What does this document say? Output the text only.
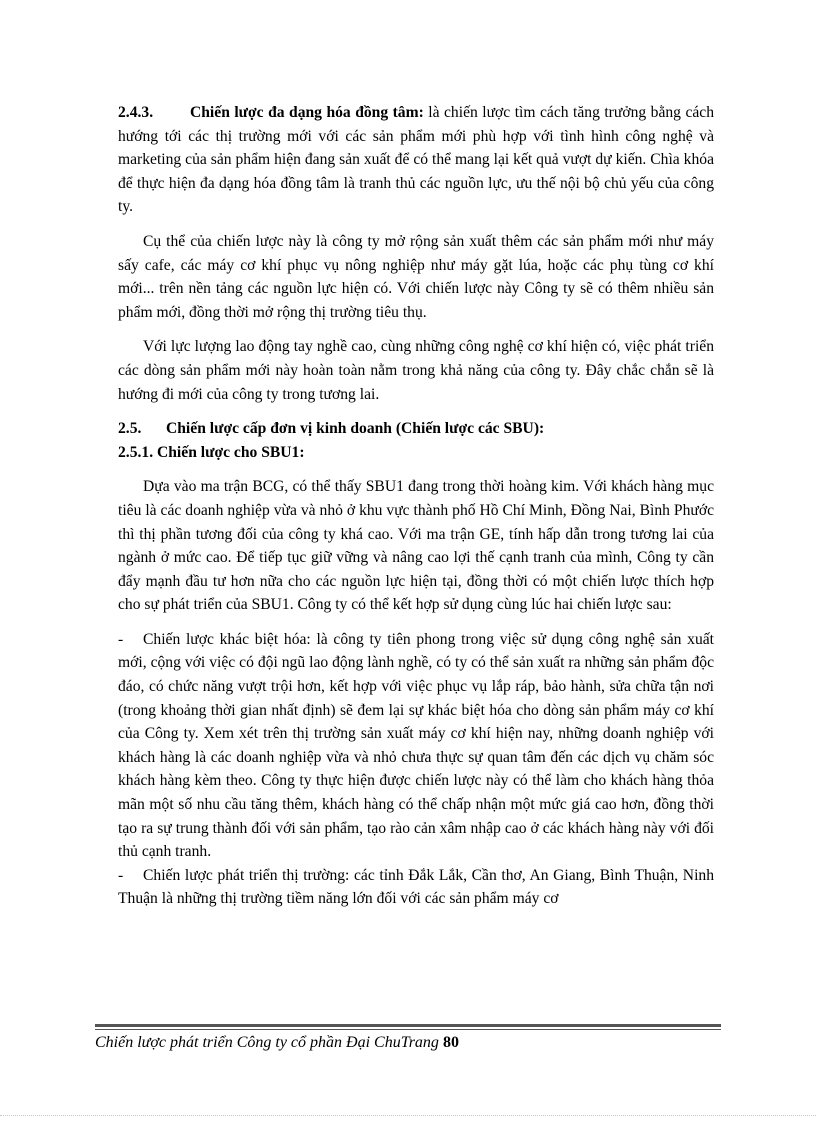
2.4.3. Chiến lược đa dạng hóa đồng tâm: là chiến lược tìm cách tăng trưởng bằng cách hướng tới các thị trường mới với các sản phẩm mới phù hợp với tình hình công nghệ và marketing của sản phẩm hiện đang sản xuất để có thể mang lại kết quả vượt dự kiến. Chìa khóa để thực hiện đa dạng hóa đồng tâm là tranh thủ các nguồn lực, ưu thế nội bộ chủ yếu của công ty.

Cụ thể của chiến lược này là công ty mở rộng sản xuất thêm các sản phẩm mới như máy sấy cafe, các máy cơ khí phục vụ nông nghiệp như máy gặt lúa, hoặc các phụ tùng cơ khí mới... trên nền tảng các nguồn lực hiện có. Với chiến lược này Công ty sẽ có thêm nhiều sản phẩm mới, đồng thời mở rộng thị trường tiêu thụ.

Với lực lượng lao động tay nghề cao, cùng những công nghệ cơ khí hiện có, việc phát triển các dòng sản phẩm mới này hoàn toàn nằm trong khả năng của công ty. Đây chắc chắn sẽ là hướng đi mới của công ty trong tương lai.

2.5. Chiến lược cấp đơn vị kinh doanh (Chiến lược các SBU):

2.5.1. Chiến lược cho SBU1:

Dựa vào ma trận BCG, có thể thấy SBU1 đang trong thời hoàng kim. Với khách hàng mục tiêu là các doanh nghiệp vừa và nhỏ ở khu vực thành phố Hồ Chí Minh, Đồng Nai, Bình Phước thì thị phần tương đối của công ty khá cao. Với ma trận GE, tính hấp dẫn trong tương lai của ngành ở mức cao. Để tiếp tục giữ vững và nâng cao lợi thế cạnh tranh của mình, Công ty cần đẩy mạnh đầu tư hơn nữa cho các nguồn lực hiện tại, đồng thời có một chiến lược thích hợp cho sự phát triển của SBU1. Công ty có thể kết hợp sử dụng cùng lúc hai chiến lược sau:

- Chiến lược khác biệt hóa: là công ty tiên phong trong việc sử dụng công nghệ sản xuất mới, cộng với việc có đội ngũ lao động lành nghề, có ty có thể sản xuất ra những sản phẩm độc đáo, có chức năng vượt trội hơn, kết hợp với việc phục vụ lắp ráp, bảo hành, sửa chữa tận nơi (trong khoảng thời gian nhất định) sẽ đem lại sự khác biệt hóa cho dòng sản phẩm máy cơ khí của Công ty. Xem xét trên thị trường sản xuất máy cơ khí hiện nay, những doanh nghiệp với khách hàng là các doanh nghiệp vừa và nhỏ chưa thực sự quan tâm đến các dịch vụ chăm sóc khách hàng kèm theo. Công ty thực hiện được chiến lược này có thể làm cho khách hàng thỏa mãn một số nhu cầu tăng thêm, khách hàng có thể chấp nhận một mức giá cao hơn, đồng thời tạo ra sự trung thành đối với sản phẩm, tạo rào cản xâm nhập cao ở các khách hàng này với đối thủ cạnh tranh.

- Chiến lược phát triển thị trường: các tỉnh Đắk Lắk, Cần thơ, An Giang, Bình Thuận, Ninh Thuận là những thị trường tiềm năng lớn đối với các sản phẩm máy cơ

Chiến lược phát triển Công ty cổ phần Đại ChuTrang 80
